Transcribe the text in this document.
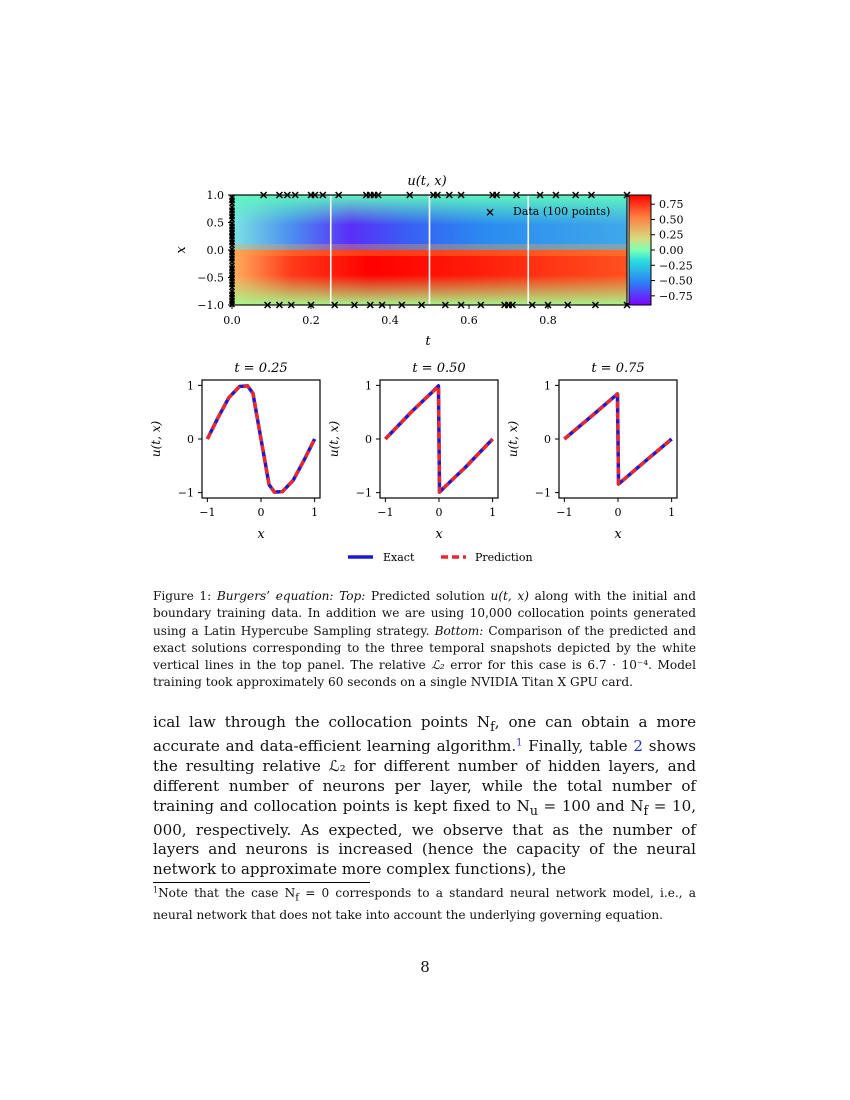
u(t, x)
× Data (100 points)
1.0
0.5
0.0
−0.5
−1.0
x
0.0	0.2	0.4	0.6	0.8
t
0.75
0.50
0.25
0.00
−0.25
−0.50
−0.75
t = 0.25
−1	0	1
1
0
−1
x
u(t, x)
t = 0.50
−1	0	1
1
0
−1
x
u(t, x)
t = 0.75
−1	0	1
1
0
−1
x
u(t, x)
Exact	Prediction
Figure 1: Burgers’ equation: Top: Predicted solution u(t, x) along with the initial and boundary training data. In addition we are using 10,000 collocation points generated using a Latin Hypercube Sampling strategy. Bottom: Comparison of the predicted and exact solutions corresponding to the three temporal snapshots depicted by the white vertical lines in the top panel. The relative ℒ₂ error for this case is 6.7 · 10⁻⁴. Model training took approximately 60 seconds on a single NVIDIA Titan X GPU card.

ical law through the collocation points $N_f$, one can obtain a more accurate and data-efficient learning algorithm.$^1$ Finally, table 2 shows the resulting relative ℒ₂ for different number of hidden layers, and different number of neurons per layer, while the total number of training and collocation points is kept fixed to $N_u = 100$ and $N_f = 10$, 000, respectively. As expected, we observe that as the number of layers and neurons is increased (hence the capacity of the neural network to approximate more complex functions), the

$^1$Note that the case $N_f = 0$ corresponds to a standard neural network model, i.e., a neural network that does not take into account the underlying governing equation.
8
